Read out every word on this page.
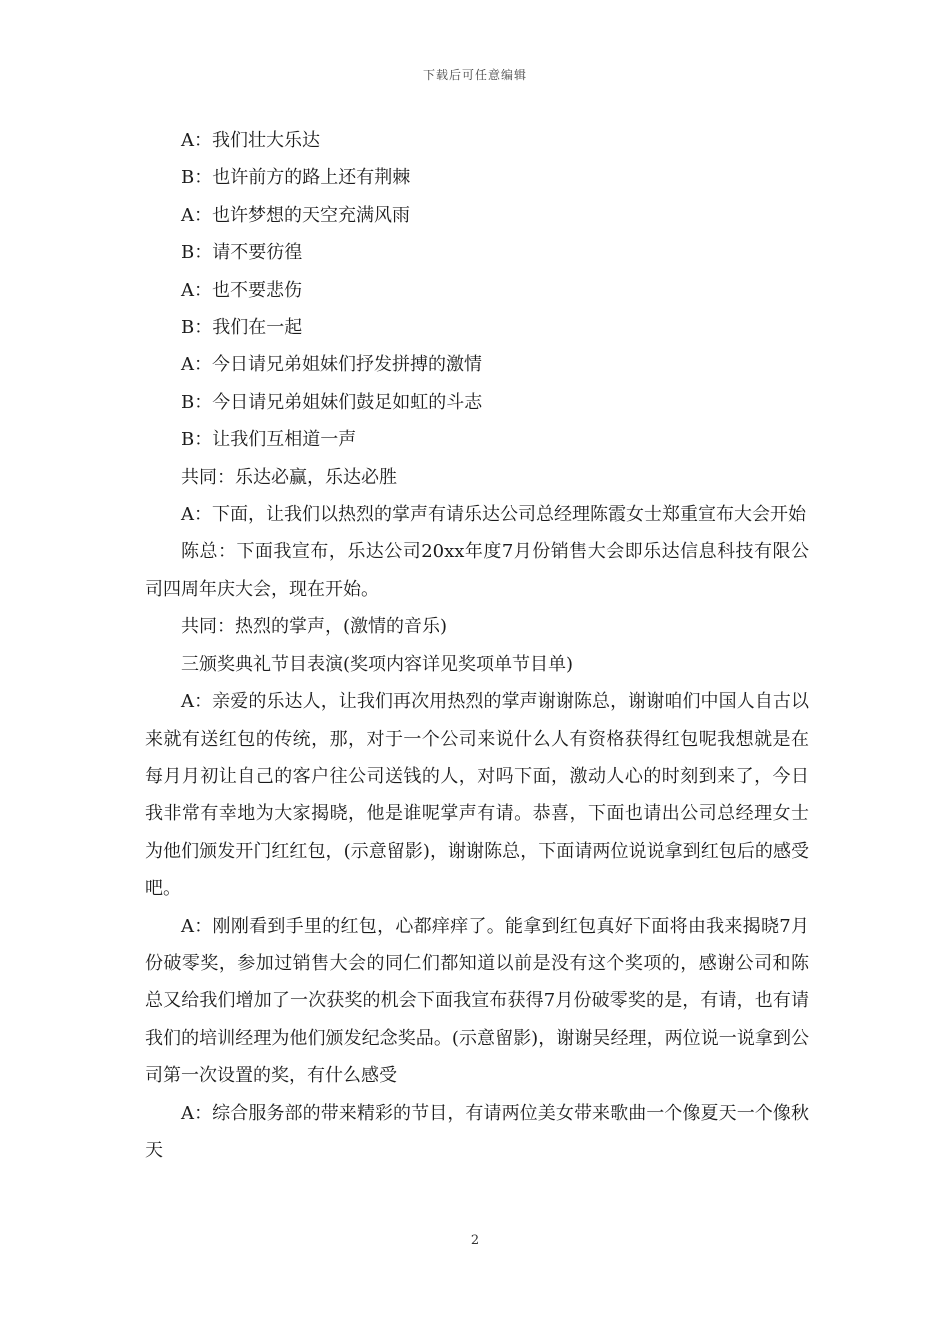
下载后可任意编辑

A：我们壮大乐达

B：也许前方的路上还有荆棘

A：也许梦想的天空充满风雨

B：请不要彷徨

A：也不要悲伤

B：我们在一起

A：今日请兄弟姐妹们抒发拼搏的激情

B：今日请兄弟姐妹们鼓足如虹的斗志

B：让我们互相道一声

共同：乐达必赢，乐达必胜

A：下面，让我们以热烈的掌声有请乐达公司总经理陈霞女士郑重宣布大会开始

陈总：下面我宣布，乐达公司20xx年度7月份销售大会即乐达信息科技有限公司四周年庆大会，现在开始。

共同：热烈的掌声，(激情的音乐)

三颁奖典礼节目表演(奖项内容详见奖项单节目单)

A：亲爱的乐达人，让我们再次用热烈的掌声谢谢陈总，谢谢咱们中国人自古以来就有送红包的传统，那，对于一个公司来说什么人有资格获得红包呢我想就是在每月月初让自己的客户往公司送钱的人，对吗下面，激动人心的时刻到来了，今日我非常有幸地为大家揭晓，他是谁呢掌声有请。恭喜，下面也请出公司总经理女士为他们颁发开门红红包，(示意留影)，谢谢陈总，下面请两位说说拿到红包后的感受吧。

A：刚刚看到手里的红包，心都痒痒了。能拿到红包真好下面将由我来揭晓7月份破零奖，参加过销售大会的同仁们都知道以前是没有这个奖项的，感谢公司和陈总又给我们增加了一次获奖的机会下面我宣布获得7月份破零奖的是，有请，也有请我们的培训经理为他们颁发纪念奖品。(示意留影)，谢谢吴经理，两位说一说拿到公司第一次设置的奖，有什么感受

A：综合服务部的带来精彩的节目，有请两位美女带来歌曲一个像夏天一个像秋天

2
